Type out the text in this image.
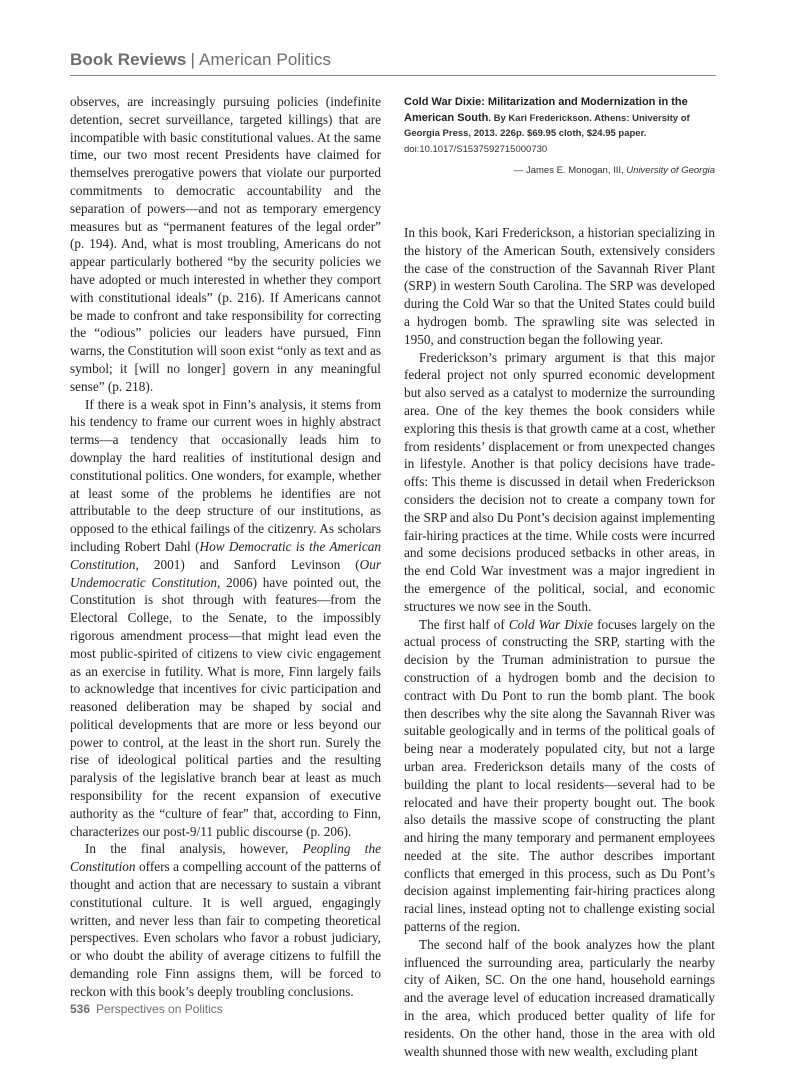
Book Reviews | American Politics

observes, are increasingly pursuing policies (indefinite detention, secret surveillance, targeted killings) that are incompatible with basic constitutional values. At the same time, our two most recent Presidents have claimed for themselves prerogative powers that violate our purported commitments to democratic accountability and the separation of powers—and not as temporary emergency measures but as “permanent features of the legal order” (p. 194). And, what is most troubling, Americans do not appear particularly bothered “by the security policies we have adopted or much interested in whether they comport with constitutional ideals” (p. 216). If Americans cannot be made to confront and take responsibility for correcting the “odious” policies our leaders have pursued, Finn warns, the Constitution will soon exist “only as text and as symbol; it [will no longer] govern in any meaningful sense” (p. 218).

If there is a weak spot in Finn’s analysis, it stems from his tendency to frame our current woes in highly abstract terms—a tendency that occasionally leads him to downplay the hard realities of institutional design and constitutional politics. One wonders, for example, whether at least some of the problems he identifies are not attributable to the deep structure of our institutions, as opposed to the ethical failings of the citizenry. As scholars including Robert Dahl (How Democratic is the American Constitution, 2001) and Sanford Levinson (Our Undemocratic Constitution, 2006) have pointed out, the Constitution is shot through with features—from the Electoral College, to the Senate, to the impossibly rigorous amendment process—that might lead even the most public-spirited of citizens to view civic engagement as an exercise in futility. What is more, Finn largely fails to acknowledge that incentives for civic participation and reasoned deliberation may be shaped by social and political developments that are more or less beyond our power to control, at the least in the short run. Surely the rise of ideological political parties and the resulting paralysis of the legislative branch bear at least as much responsibility for the recent expansion of executive authority as the “culture of fear” that, according to Finn, characterizes our post-9/11 public discourse (p. 206).

In the final analysis, however, Peopling the Constitution offers a compelling account of the patterns of thought and action that are necessary to sustain a vibrant constitutional culture. It is well argued, engagingly written, and never less than fair to competing theoretical perspectives. Even scholars who favor a robust judiciary, or who doubt the ability of average citizens to fulfill the demanding role Finn assigns them, will be forced to reckon with this book’s deeply troubling conclusions.

Cold War Dixie: Militarization and Modernization in the American South. By Kari Frederickson. Athens: University of Georgia Press, 2013. 226p. $69.95 cloth, $24.95 paper.
doi:10.1017/S1537592715000730
— James E. Monogan, III, University of Georgia

In this book, Kari Frederickson, a historian specializing in the history of the American South, extensively considers the case of the construction of the Savannah River Plant (SRP) in western South Carolina. The SRP was developed during the Cold War so that the United States could build a hydrogen bomb. The sprawling site was selected in 1950, and construction began the following year.

Frederickson’s primary argument is that this major federal project not only spurred economic development but also served as a catalyst to modernize the surrounding area. One of the key themes the book considers while exploring this thesis is that growth came at a cost, whether from residents’ displacement or from unexpected changes in lifestyle. Another is that policy decisions have trade-offs: This theme is discussed in detail when Frederickson considers the decision not to create a company town for the SRP and also Du Pont’s decision against implementing fair-hiring practices at the time. While costs were incurred and some decisions produced setbacks in other areas, in the end Cold War investment was a major ingredient in the emergence of the political, social, and economic structures we now see in the South.

The first half of Cold War Dixie focuses largely on the actual process of constructing the SRP, starting with the decision by the Truman administration to pursue the construction of a hydrogen bomb and the decision to contract with Du Pont to run the bomb plant. The book then describes why the site along the Savannah River was suitable geologically and in terms of the political goals of being near a moderately populated city, but not a large urban area. Frederickson details many of the costs of building the plant to local residents—several had to be relocated and have their property bought out. The book also details the massive scope of constructing the plant and hiring the many temporary and permanent employees needed at the site. The author describes important conflicts that emerged in this process, such as Du Pont’s decision against implementing fair-hiring practices along racial lines, instead opting not to challenge existing social patterns of the region.

The second half of the book analyzes how the plant influenced the surrounding area, particularly the nearby city of Aiken, SC. On the one hand, household earnings and the average level of education increased dramatically in the area, which produced better quality of life for residents. On the other hand, those in the area with old wealth shunned those with new wealth, excluding plant

536 Perspectives on Politics
